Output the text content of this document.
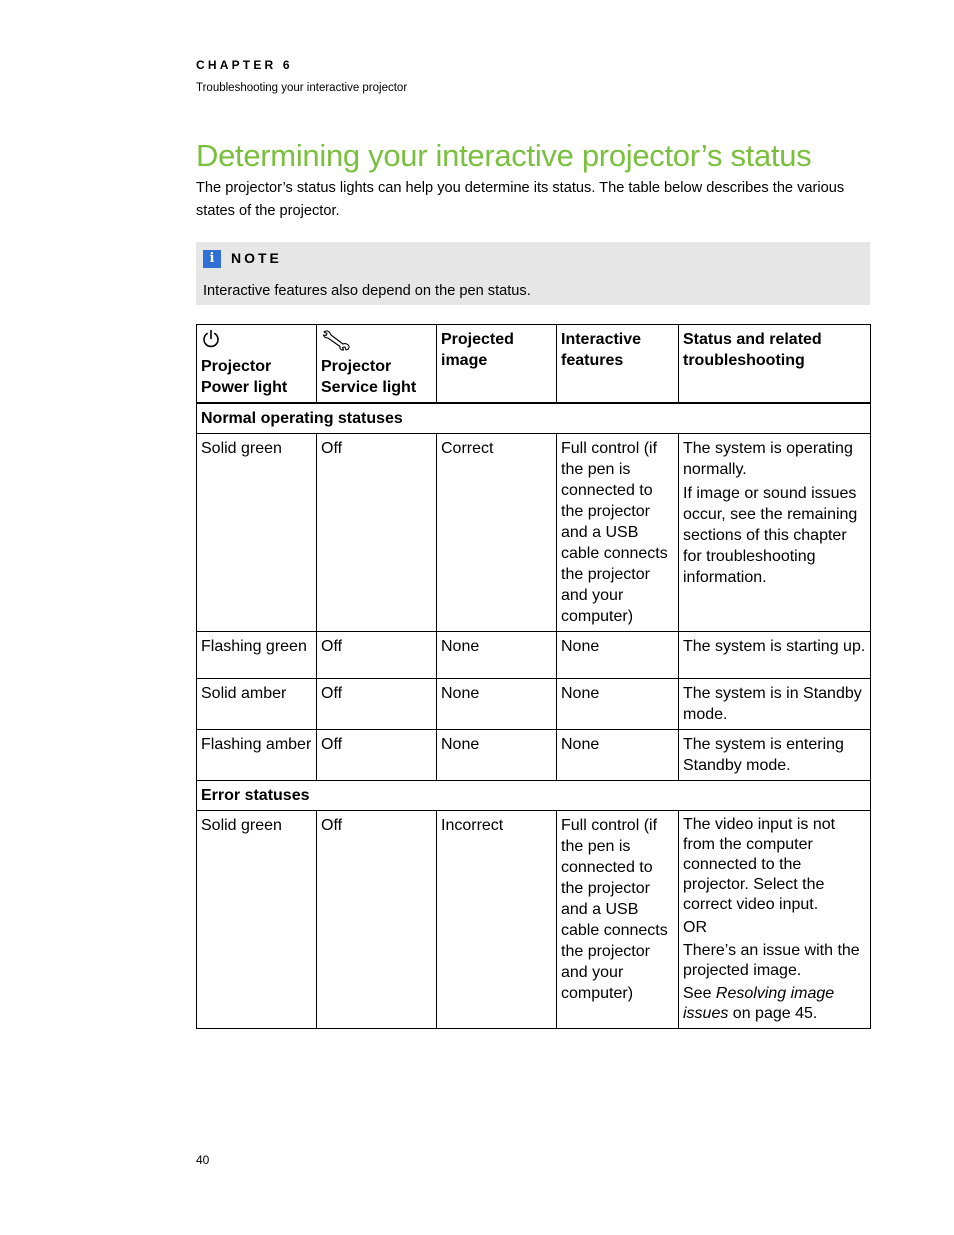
CHAPTER 6
Troubleshooting your interactive projector
Determining your interactive projector’s status

The projector’s status lights can help you determine its status. The table below describes the various states of the projector.

i	NOTE
Interactive features also depend on the pen status.
Projector Power light	Projector Service light	Projected image	Interactive features	Status and related troubleshooting
Normal operating statuses				
Solid green	Off	Correct	Full control (if the pen is connected to the projector and a USB cable connects the projector and your computer)	The system is operating normally.
If image or sound issues occur, see the remaining sections of this chapter for troubleshooting information.

Flashing green	Off	None	None	The system is starting up.
Solid amber	Off	None	None	The system is in Standby mode.
Flashing amber	Off	None	None	The system is entering Standby mode.
Error statuses				
Solid green	Off	Incorrect	Full control (if the pen is connected to the projector and a USB cable connects the projector and your computer)	The video input is not from the computer connected to the projector. Select the correct video input.
OR
There’s an issue with the projected image.
See Resolving image issues on page 45.
40
